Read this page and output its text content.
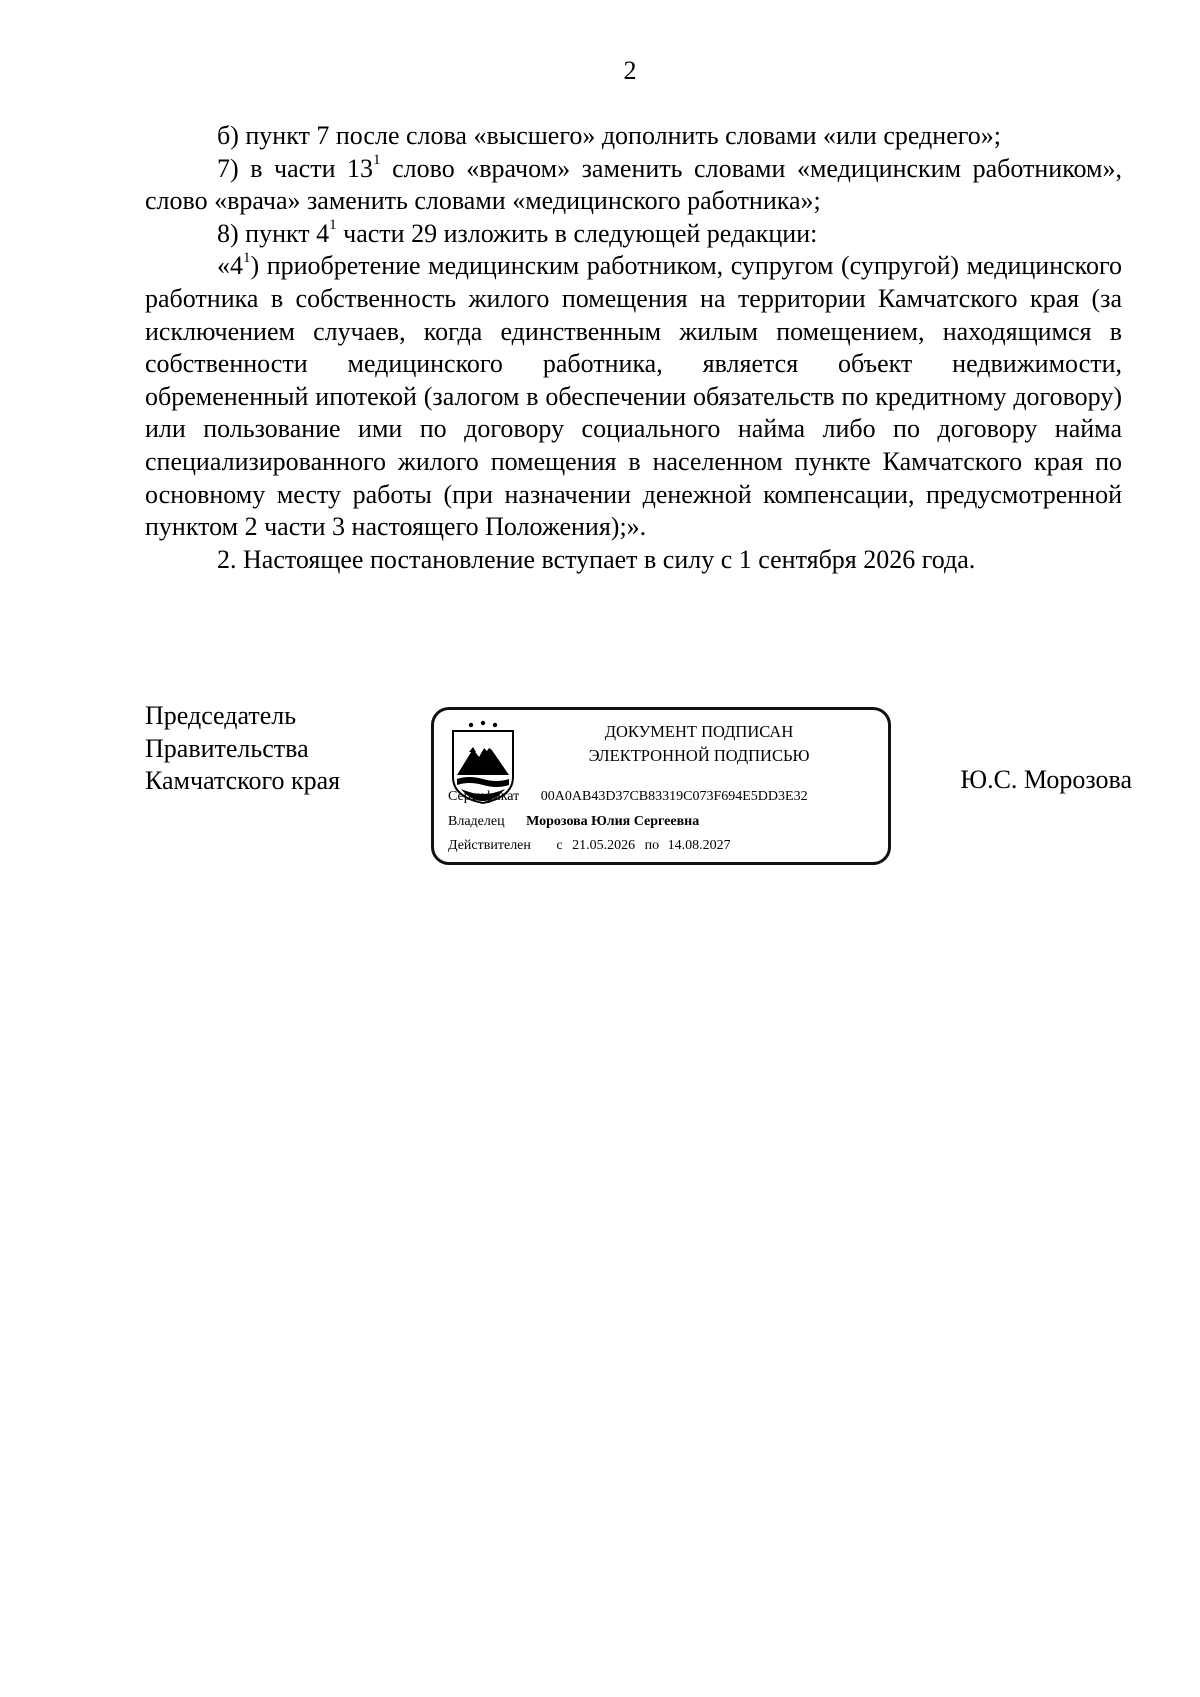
2

б) пункт 7 после слова «высшего» дополнить словами «или среднего»;

7) в части $13^1$ слово «врачом» заменить словами «медицинским работником», слово «врача» заменить словами «медицинского работника»;

8) пункт $4^1$ части 29 изложить в следующей редакции:

«$4^1$) приобретение медицинским работником, супругом (супругой) медицинского работника в собственность жилого помещения на территории Камчатского края (за исключением случаев, когда единственным жилым помещением, находящимся в собственности медицинского работника, является объект недвижимости, обремененный ипотекой (залогом в обеспечении обязательств по кредитному договору) или пользование ими по договору социального найма либо по договору найма специализированного жилого помещения в населенном пункте Камчатского края по основному месту работы (при назначении денежной компенсации, предусмотренной пунктом 2 части 3 настоящего Положения);».

2. Настоящее постановление вступает в силу с 1 сентября 2026 года.

Председатель
Правительства
Камчатского края
ДОКУМЕНТ ПОДПИСАН
ЭЛЕКТРОННОЙ ПОДПИСЬЮ
Сертификат 00A0AB43D37CB83319C073F694E5DD3E32
Владелец Морозова Юлия Сергеевна
Действителен с 21.05.2026 по 14.08.2027
Ю.С. Морозова
